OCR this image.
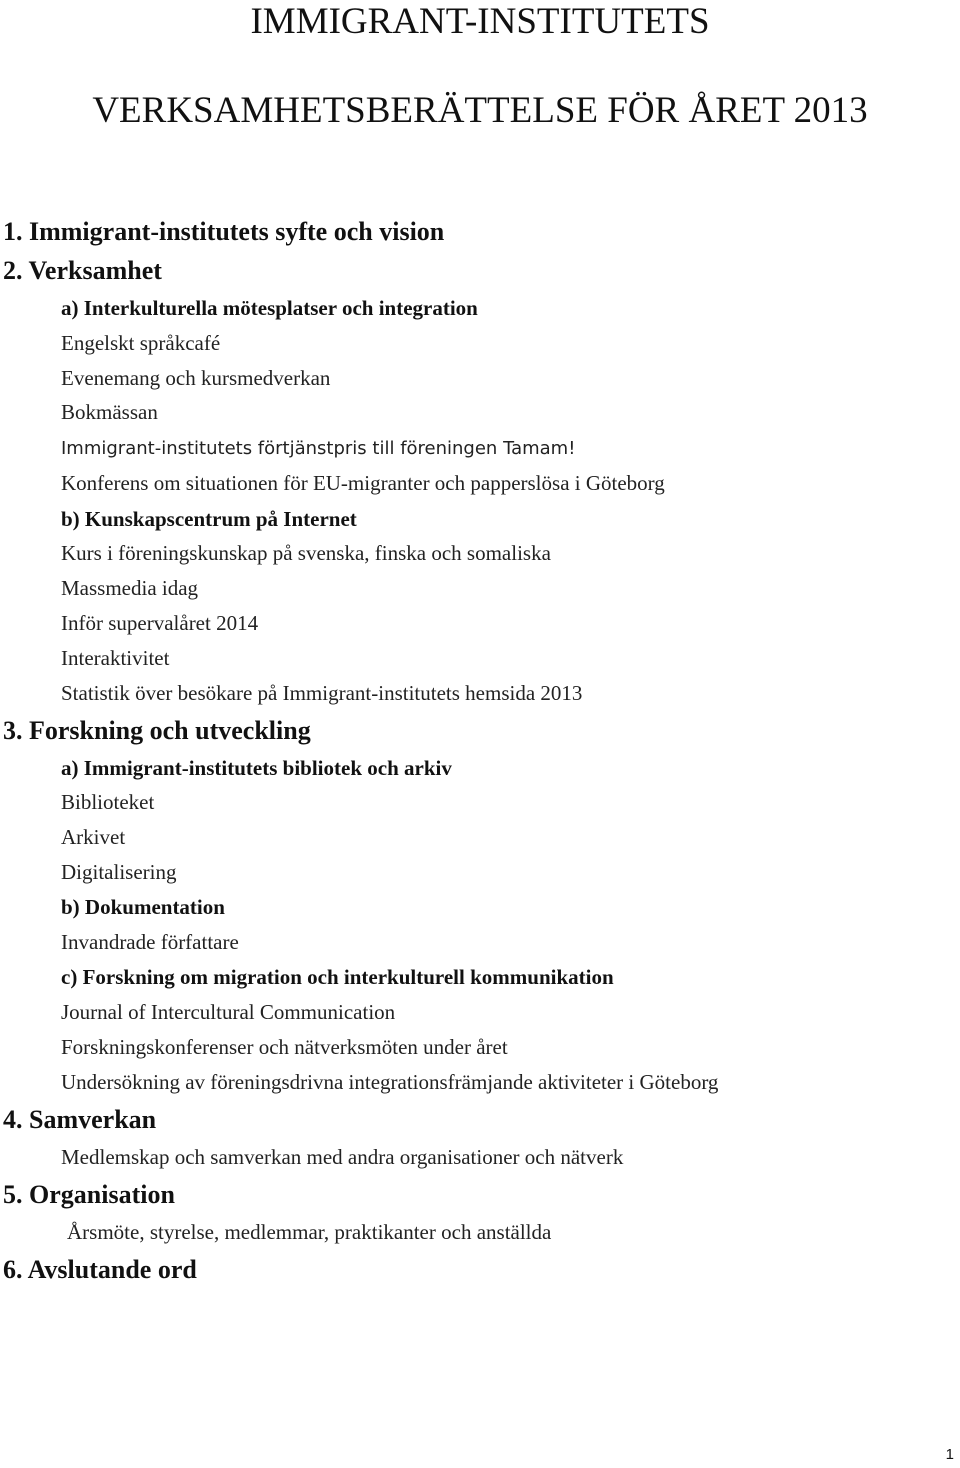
IMMIGRANT-INSTITUTETS
VERKSAMHETSBERÄTTELSE FÖR ÅRET 2013
1. Immigrant-institutets syfte och vision
2. Verksamhet
a) Interkulturella mötesplatser och integration
Engelskt språkcafé
Evenemang och kursmedverkan
Bokmässan
Immigrant-institutets förtjänstpris till föreningen Tamam!
Konferens om situationen för EU-migranter och papperslösa i Göteborg
b) Kunskapscentrum på Internet
Kurs i föreningskunskap på svenska, finska och somaliska
Massmedia idag
Inför supervalåret 2014
Interaktivitet
Statistik över besökare på Immigrant-institutets hemsida 2013
3. Forskning och utveckling
a) Immigrant-institutets bibliotek och arkiv
Biblioteket
Arkivet
Digitalisering
b) Dokumentation
Invandrade författare
c) Forskning om migration och interkulturell kommunikation
Journal of Intercultural Communication
Forskningskonferenser och nätverksmöten under året
Undersökning av föreningsdrivna integrationsfrämjande aktiviteter i Göteborg
4. Samverkan
Medlemskap och samverkan med andra organisationer och nätverk
5. Organisation
Årsmöte, styrelse, medlemmar, praktikanter och anställda
6. Avslutande ord
1
